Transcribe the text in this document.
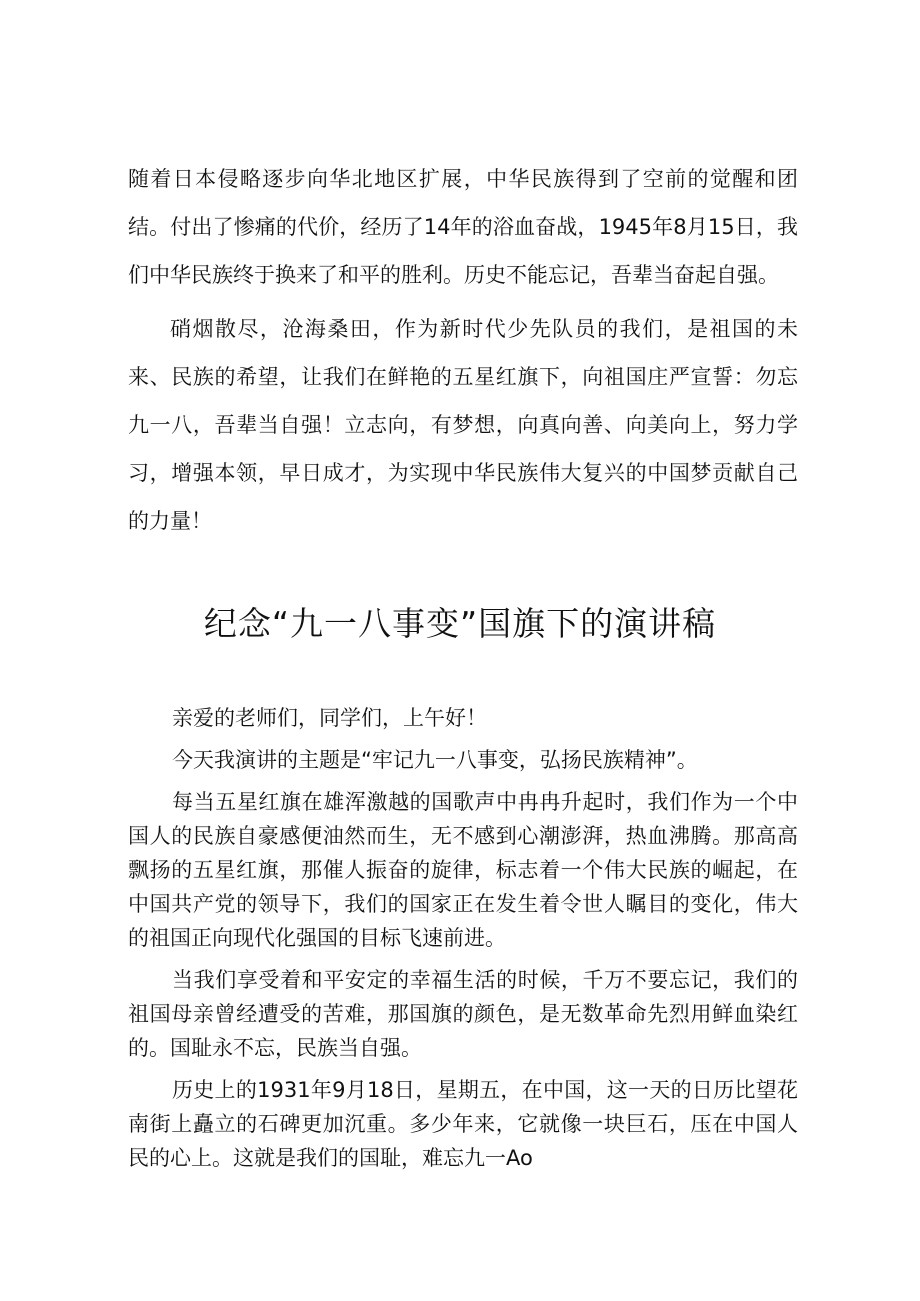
随着日本侵略逐步向华北地区扩展，中华民族得到了空前的觉醒和团结。付出了惨痛的代价，经历了14年的浴血奋战，1945年8月15日，我们中华民族终于换来了和平的胜利。历史不能忘记，吾辈当奋起自强。

硝烟散尽，沧海桑田，作为新时代少先队员的我们，是祖国的未来、民族的希望，让我们在鲜艳的五星红旗下，向祖国庄严宣誓：勿忘九一八，吾辈当自强！立志向，有梦想，向真向善、向美向上，努力学习，增强本领，早日成才，为实现中华民族伟大复兴的中国梦贡献自己的力量！

纪念“九一八事变”国旗下的演讲稿

亲爱的老师们，同学们，上午好！

今天我演讲的主题是“牢记九一八事变，弘扬民族精神”。

每当五星红旗在雄浑激越的国歌声中冉冉升起时，我们作为一个中国人的民族自豪感便油然而生，无不感到心潮澎湃，热血沸腾。那高高飘扬的五星红旗，那催人振奋的旋律，标志着一个伟大民族的崛起，在中国共产党的领导下，我们的国家正在发生着令世人瞩目的变化，伟大的祖国正向现代化强国的目标飞速前进。

当我们享受着和平安定的幸福生活的时候，千万不要忘记，我们的祖国母亲曾经遭受的苦难，那国旗的颜色，是无数革命先烈用鲜血染红的。国耻永不忘，民族当自强。

历史上的1931年9月18日，星期五，在中国，这一天的日历比望花南街上矗立的石碑更加沉重。多少年来，它就像一块巨石，压在中国人民的心上。这就是我们的国耻，难忘九一Ao
